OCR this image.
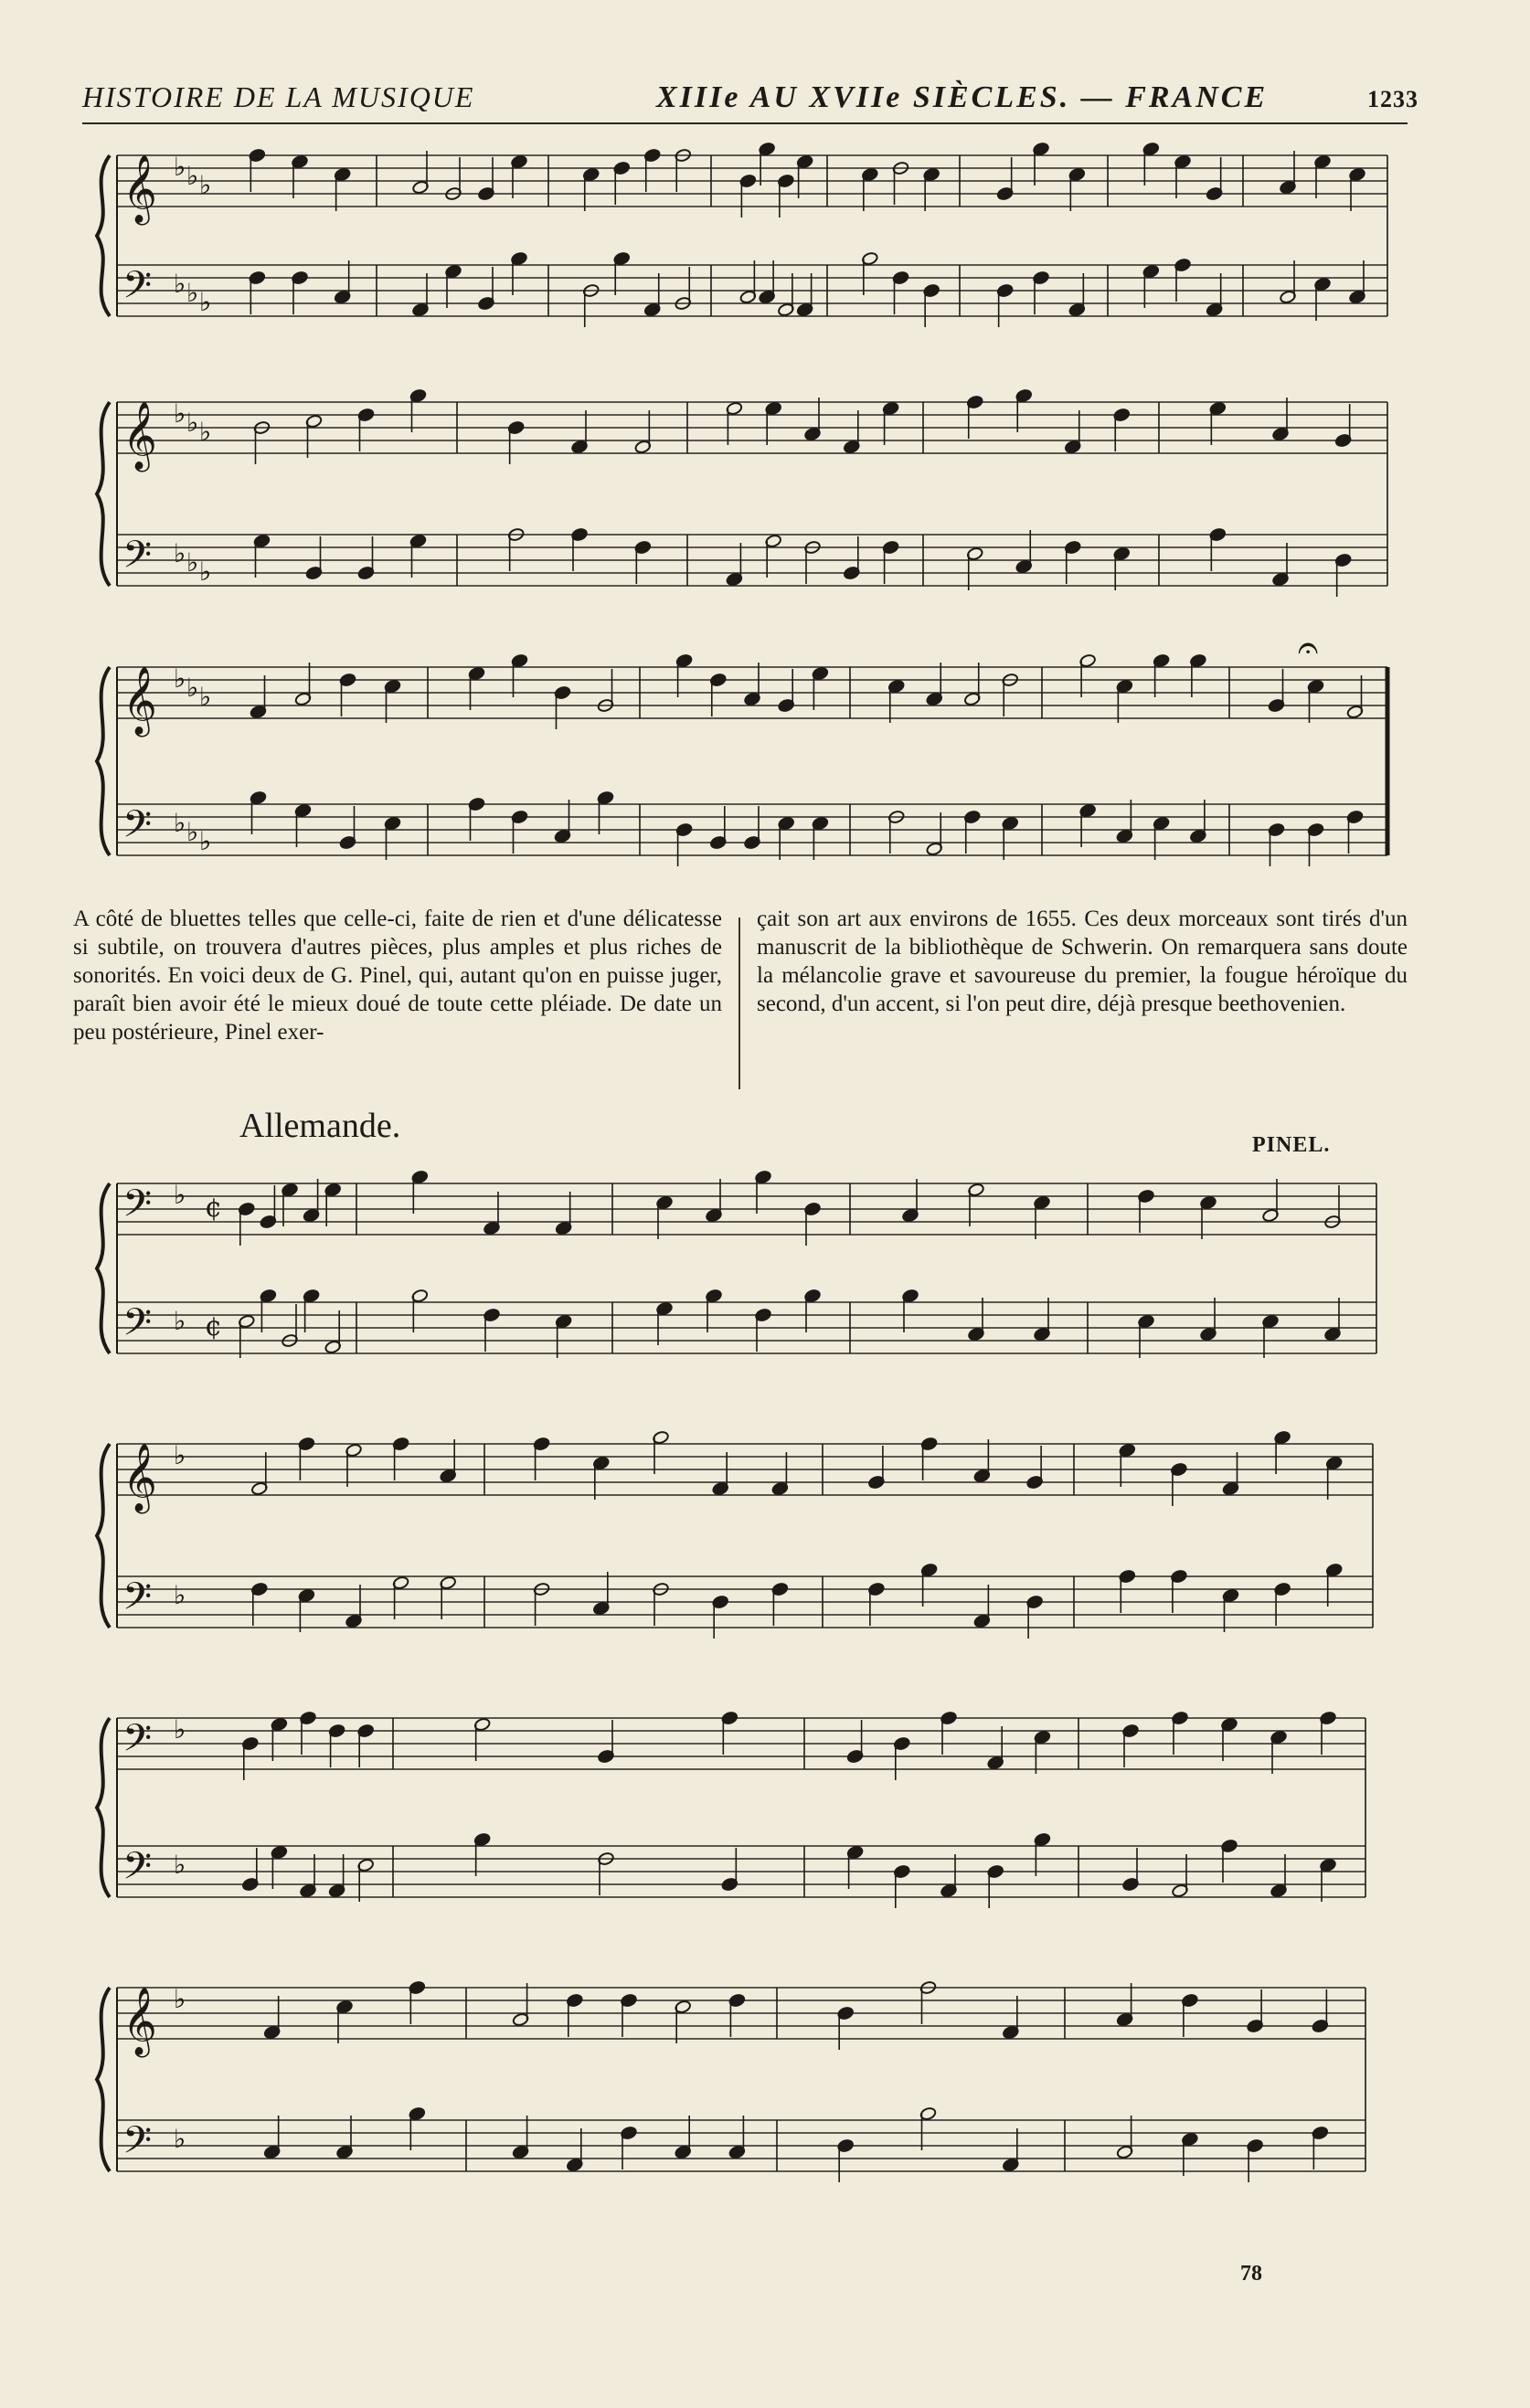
HISTOIRE DE LA MUSIQUE	XIIIe AU XVIIe SIÈCLES. — FRANCE	1233
𝄞
𝄢
♭
♭
♭
♭
♭
♭
𝄞
𝄢
♭
♭
♭
♭
♭
♭
𝄞
𝄢
♭
♭
♭
♭
♭
♭
𝄢
𝄢
♭
♭
¢
¢
𝄞
𝄢
♭
♭
𝄢
𝄢
♭
♭
𝄞
𝄢
♭
♭
𝄐
A côté de bluettes telles que celle-ci, faite de rien et d'une délicatesse si subtile, on trouvera d'autres pièces, plus amples et plus riches de sonorités. En voici deux de G. Pinel, qui, autant qu'on en puisse juger, paraît bien avoir été le mieux doué de toute cette pléiade. De date un peu postérieure, Pinel exer-
çait son art aux environs de 1655. Ces deux morceaux sont tirés d'un manuscrit de la bibliothèque de Schwerin. On remarquera sans doute la mélancolie grave et savoureuse du premier, la fougue héroïque du second, d'un accent, si l'on peut dire, déjà presque beethovenien.
Allemande.	PINEL.
78
